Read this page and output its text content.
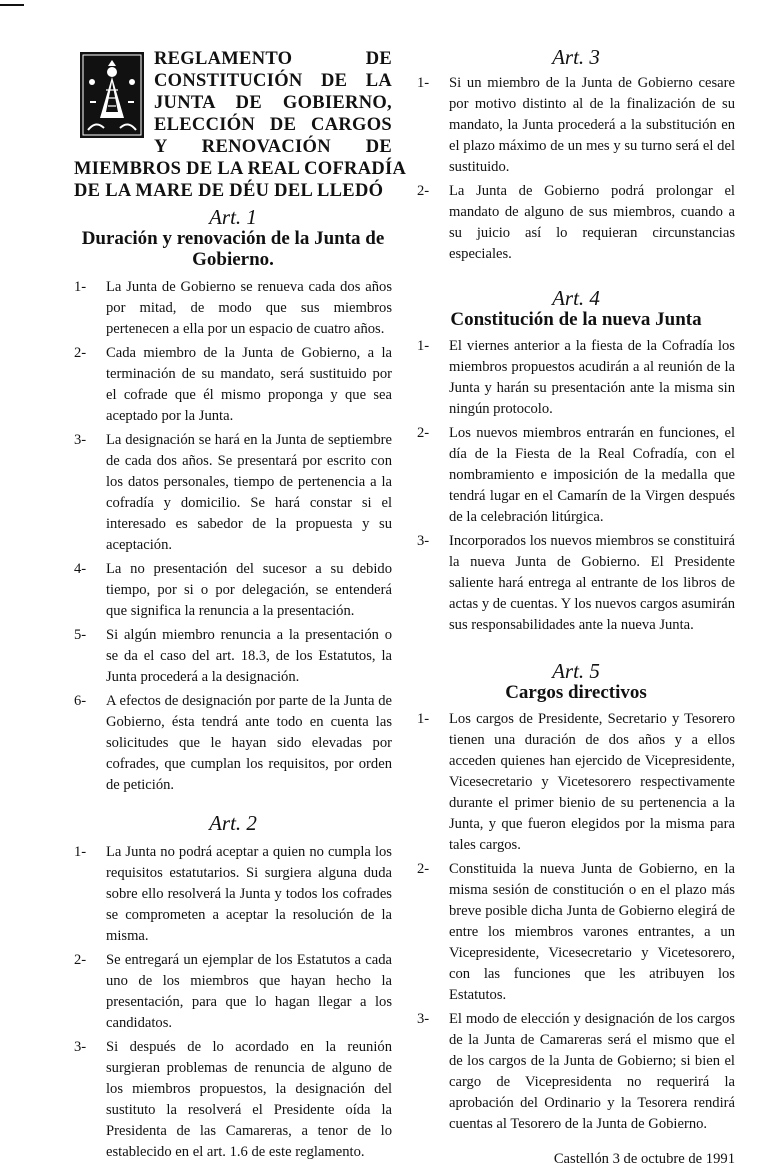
REGLAMENTO DE
CONSTITUCIÓN DE LA
JUNTA DE GOBIERNO,
ELECCIÓN DE CARGOS
Y RENOVACIÓN DE
MIEMBROS DE LA REAL COFRADÍA
DE LA MARE DE DÉU DEL LLEDÓ
Art. 1
Duración y renovación de la Junta de Gobierno.
1- La Junta de Gobierno se renueva cada dos años por mitad, de modo que sus miembros pertenecen a ella por un espacio de cuatro años.
2- Cada miembro de la Junta de Gobierno, a la terminación de su mandato, será sustituido por el cofrade que él mismo proponga y que sea aceptado por la Junta.
3- La designación se hará en la Junta de septiembre de cada dos años. Se presentará por escrito con los datos personales, tiempo de pertenencia a la cofradía y domicilio. Se hará constar si el interesado es sabedor de la propuesta y su aceptación.
4- La no presentación del sucesor a su debido tiempo, por si o por delegación, se entenderá que significa la renuncia a la presentación.
5- Si algún miembro renuncia a la presentación o se da el caso del art. 18.3, de los Estatutos, la Junta procederá a la designación.
6- A efectos de designación por parte de la Junta de Gobierno, ésta tendrá ante todo en cuenta las solicitudes que le hayan sido elevadas por cofrades, que cumplan los requisitos, por orden de petición.
Art. 2
1- La Junta no podrá aceptar a quien no cumpla los requisitos estatutarios. Si surgiera alguna duda sobre ello resolverá la Junta y todos los cofrades se comprometen a aceptar la resolución de la misma.
2- Se entregará un ejemplar de los Estatutos a cada uno de los miembros que hayan hecho la presentación, para que lo hagan llegar a los candidatos.
3- Si después de lo acordado en la reunión surgieran problemas de renuncia de alguno de los miembros propuestos, la designación del sustituto la resolverá el Presidente oída la Presidenta de las Camareras, a tenor de lo establecido en el art. 1.6 de este reglamento.
Art. 3
1- Si un miembro de la Junta de Gobierno cesare por motivo distinto al de la finalización de su mandato, la Junta procederá a la substitución en el plazo máximo de un mes y su turno será el del sustituido.
2- La Junta de Gobierno podrá prolongar el mandato de alguno de sus miembros, cuando a su juicio así lo requieran circunstancias especiales.
Art. 4
Constitución de la nueva Junta
1- El viernes anterior a la fiesta de la Cofradía los miembros propuestos acudirán a al reunión de la Junta y harán su presentación ante la misma sin ningún protocolo.
2- Los nuevos miembros entrarán en funciones, el día de la Fiesta de la Real Cofradía, con el nombramiento e imposición de la medalla que tendrá lugar en el Camarín de la Virgen después de la celebración litúrgica.
3- Incorporados los nuevos miembros se constituirá la nueva Junta de Gobierno. El Presidente saliente hará entrega al entrante de los libros de actas y de cuentas. Y los nuevos cargos asumirán sus responsabilidades ante la nueva Junta.
Art. 5
Cargos directivos
1- Los cargos de Presidente, Secretario y Tesorero tienen una duración de dos años y a ellos acceden quienes han ejercido de Vicepresidente, Vicesecretario y Vicetesorero respectivamente durante el primer bienio de su pertenencia a la Junta, y que fueron elegidos por la misma para tales cargos.
2- Constituida la nueva Junta de Gobierno, en la misma sesión de constitución o en el plazo más breve posible dicha Junta de Gobierno elegirá de entre los miembros varones entrantes, a un Vicepresidente, Vicesecretario y Vicetesorero, con las funciones que les atribuyen los Estatutos.
3- El modo de elección y designación de los cargos de la Junta de Camareras será el mismo que el de los cargos de la Junta de Gobierno; si bien el cargo de Vicepresidenta no requerirá la aprobación del Ordinario y la Tesorera rendirá cuentas al Tesorero de la Junta de Gobierno.
Castellón 3 de octubre de 1991
